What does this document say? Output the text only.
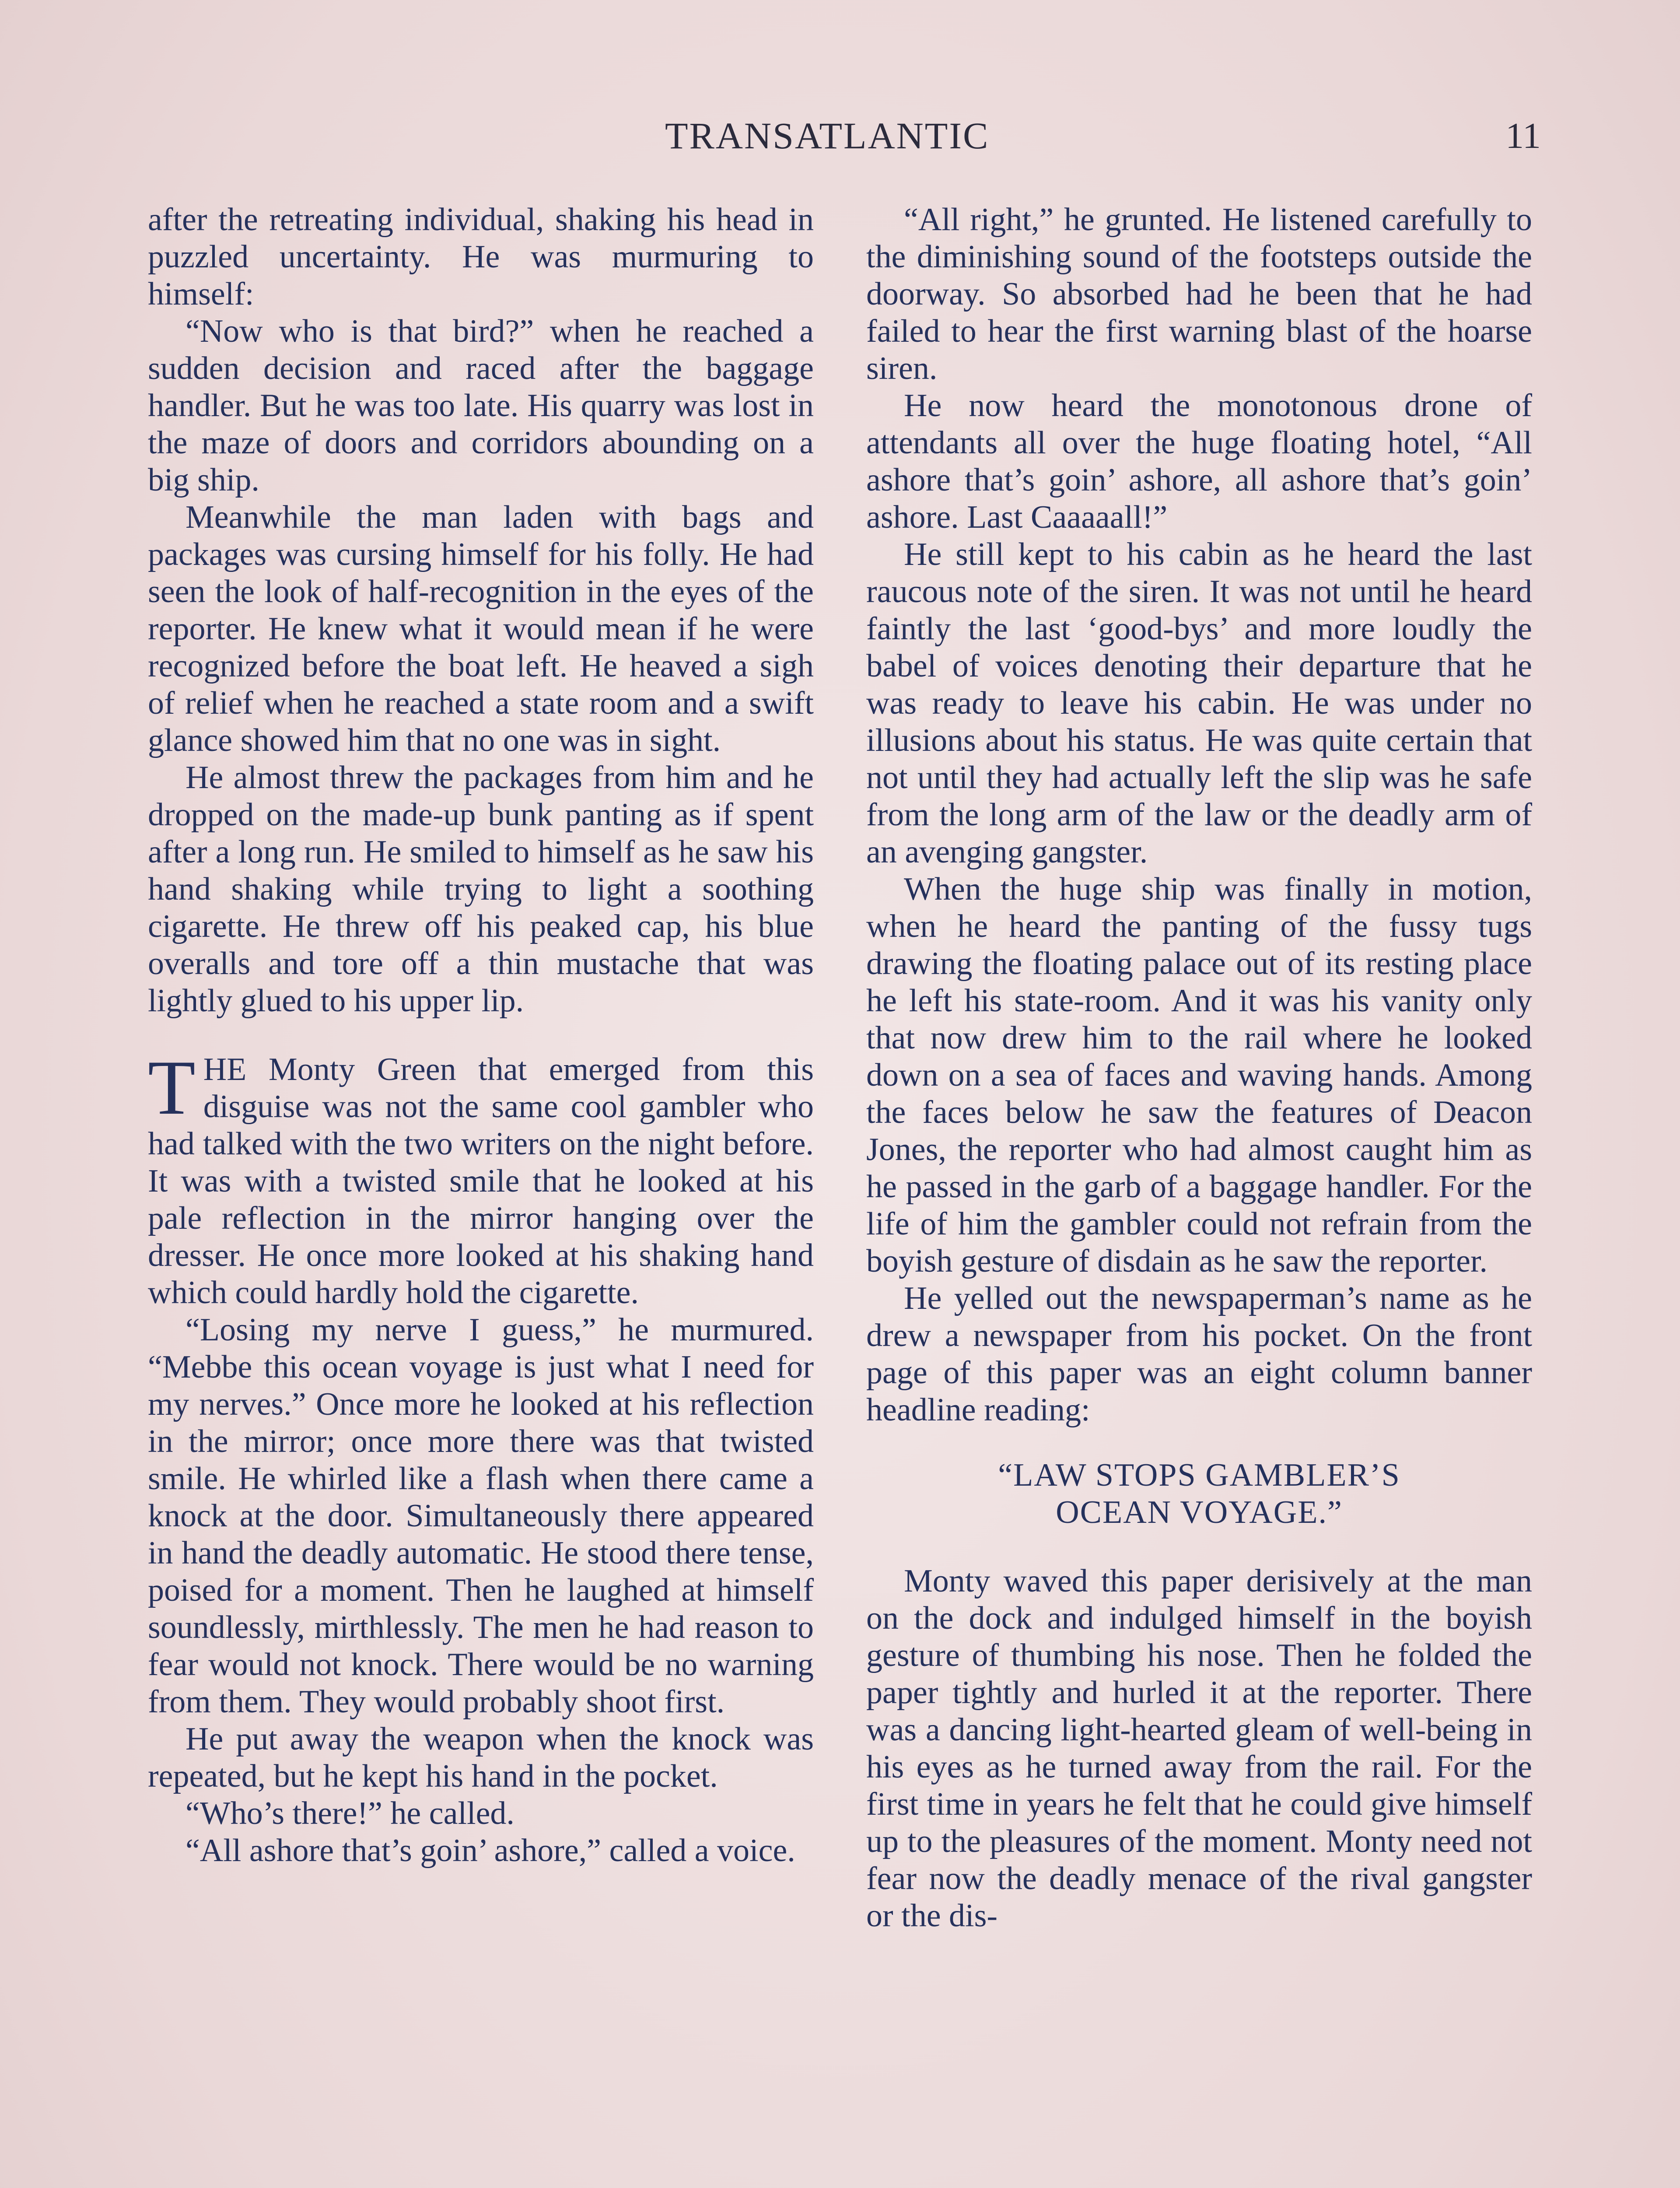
TRANSATLANTIC	11

after the retreating individual, shaking his head in puzzled uncertainty. He was murmuring to himself:

“Now who is that bird?” when he reached a sudden decision and raced after the baggage handler. But he was too late. His quarry was lost in the maze of doors and corridors abounding on a big ship.

Meanwhile the man laden with bags and packages was cursing himself for his folly. He had seen the look of half-recognition in the eyes of the reporter. He knew what it would mean if he were recognized before the boat left. He heaved a sigh of relief when he reached a state room and a swift glance showed him that no one was in sight.

He almost threw the packages from him and he dropped on the made-up bunk panting as if spent after a long run. He smiled to himself as he saw his hand shaking while trying to light a soothing cigarette. He threw off his peaked cap, his blue overalls and tore off a thin mustache that was lightly glued to his upper lip.

THE Monty Green that emerged from this disguise was not the same cool gambler who had talked with the two writers on the night before. It was with a twisted smile that he looked at his pale reflection in the mirror hanging over the dresser. He once more looked at his shaking hand which could hardly hold the cigarette.

“Losing my nerve I guess,” he murmured. “Mebbe this ocean voyage is just what I need for my nerves.” Once more he looked at his reflection in the mirror; once more there was that twisted smile. He whirled like a flash when there came a knock at the door. Simultaneously there appeared in hand the deadly automatic. He stood there tense, poised for a moment. Then he laughed at himself soundlessly, mirthlessly. The men he had reason to fear would not knock. There would be no warning from them. They would probably shoot first.

He put away the weapon when the knock was repeated, but he kept his hand in the pocket.

“Who’s there!” he called.

“All ashore that’s goin’ ashore,” called a voice.

“All right,” he grunted. He listened carefully to the diminishing sound of the footsteps outside the doorway. So absorbed had he been that he had failed to hear the first warning blast of the hoarse siren.

He now heard the monotonous drone of attendants all over the huge floating hotel, “All ashore that’s goin’ ashore, all ashore that’s goin’ ashore. Last Caaaaall!”

He still kept to his cabin as he heard the last raucous note of the siren. It was not until he heard faintly the last ‘good-bys’ and more loudly the babel of voices denoting their departure that he was ready to leave his cabin. He was under no illusions about his status. He was quite certain that not until they had actually left the slip was he safe from the long arm of the law or the deadly arm of an avenging gangster.

When the huge ship was finally in motion, when he heard the panting of the fussy tugs drawing the floating palace out of its resting place he left his state-room. And it was his vanity only that now drew him to the rail where he looked down on a sea of faces and waving hands. Among the faces below he saw the features of Deacon Jones, the reporter who had almost caught him as he passed in the garb of a baggage handler. For the life of him the gambler could not refrain from the boyish gesture of disdain as he saw the reporter.

He yelled out the newspaperman’s name as he drew a newspaper from his pocket. On the front page of this paper was an eight column banner headline reading:

“LAW STOPS GAMBLER’S
OCEAN VOYAGE.”

Monty waved this paper derisively at the man on the dock and indulged himself in the boyish gesture of thumbing his nose. Then he folded the paper tightly and hurled it at the reporter. There was a dancing light-hearted gleam of well-being in his eyes as he turned away from the rail. For the first time in years he felt that he could give himself up to the pleasures of the moment. Monty need not fear now the deadly menace of the rival gangster or the dis-
